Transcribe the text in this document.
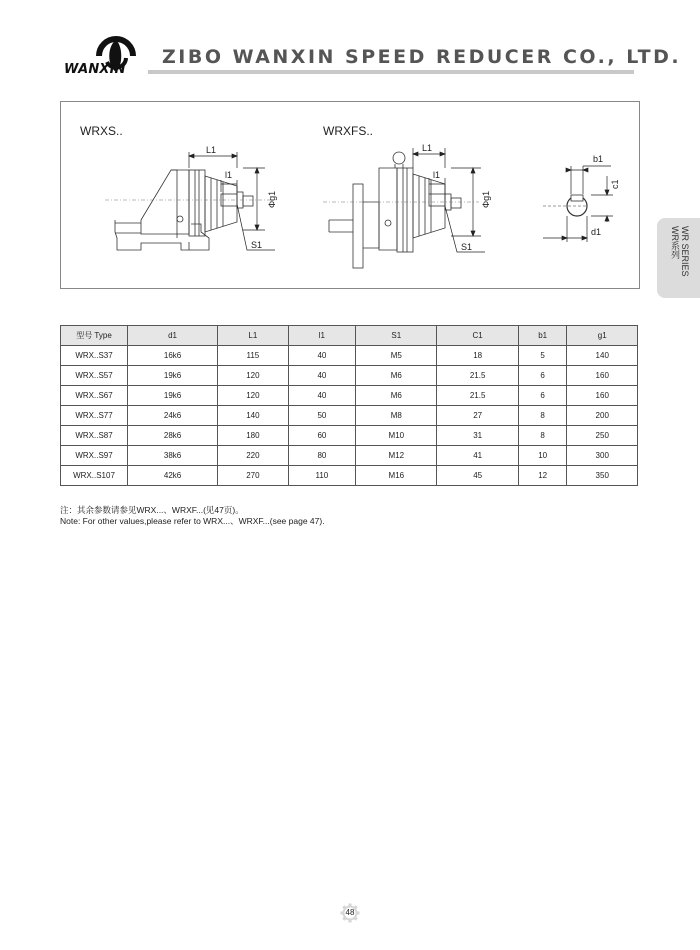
WANXIN
ZIBO WANXIN SPEED REDUCER CO., LTD.
WRXS..	WRXFS..
L1
l1
Φg1
S1
L1
l1
Φg1
S1
b1
c1
d1	WR SERIES
WR系列
型号 Type	d1	L1	l1	S1	C1	b1	g1
WRX..S37	16k6	115	40	M5	18	5	140
WRX..S57	19k6	120	40	M6	21.5	6	160
WRX..S67	19k6	120	40	M6	21.5	6	160
WRX..S77	24k6	140	50	M8	27	8	200
WRX..S87	28k6	180	60	M10	31	8	250
WRX..S97	38k6	220	80	M12	41	10	300
WRX..S107	42k6	270	110	M16	45	12	350
注：其余参数请参见WRX...、WRXF...(见47页)。
Note: For other values,please refer to WRX...、WRXF...(see page 47).
48
